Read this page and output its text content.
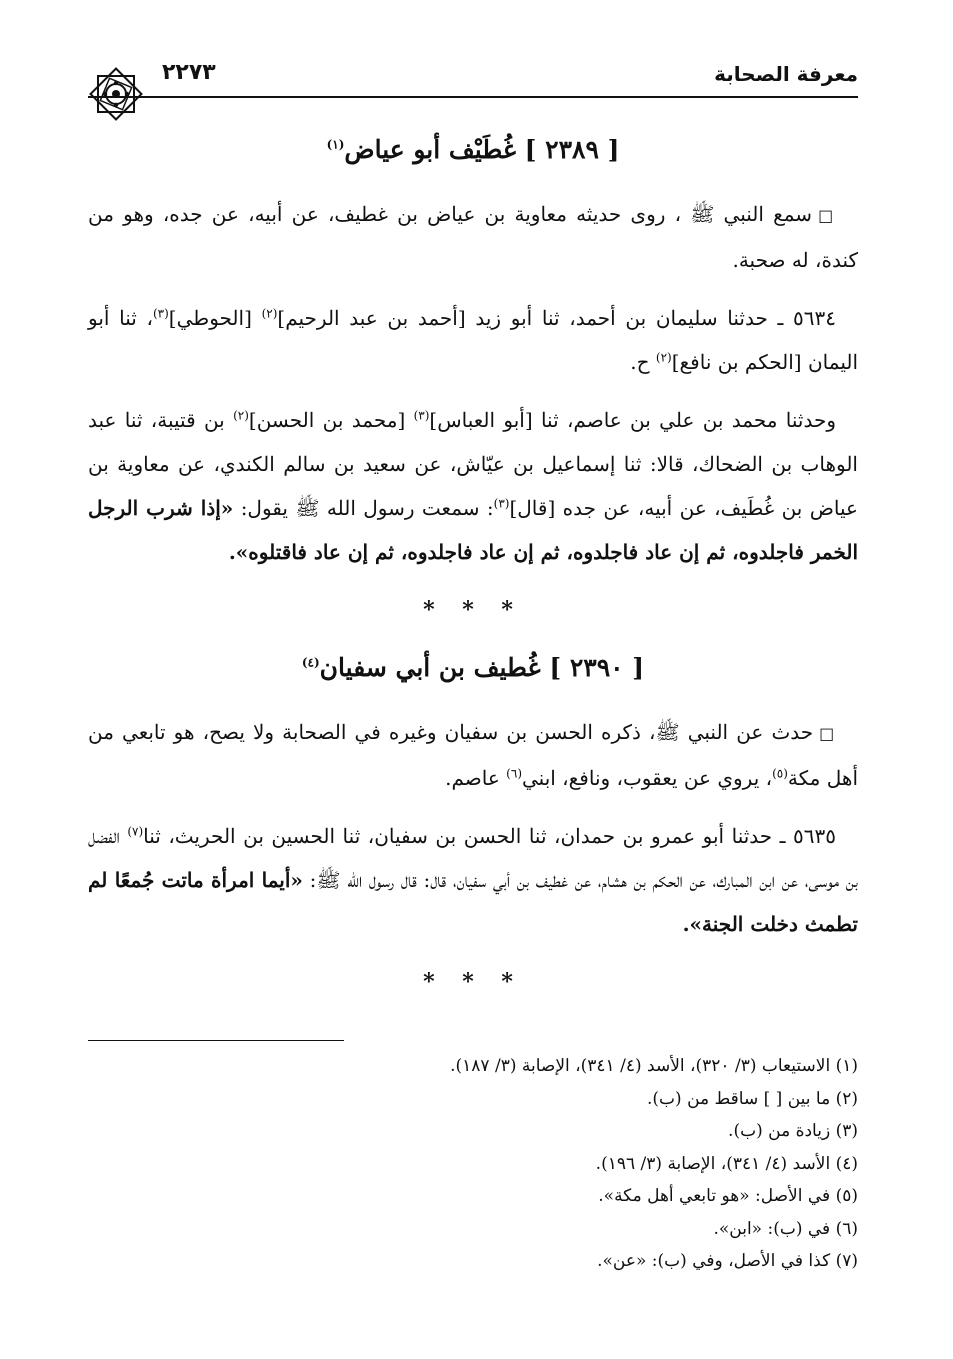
معرفة الصحابة
٢٢٧٣
[ ٢٣٨٩ ] غُطَيْف أبو عياض$^{(١)}$

□سمع النبي ﷺ ، روى حديثه معاوية بن عياض بن غطيف، عن أبيه، عن جده، وهو من كندة، له صحبة.

٥٦٣٤ ـ حدثنا سليمان بن أحمد، ثنا أبو زيد [أحمد بن عبد الرحيم]$^{(٢)}$ [الحوطي]$^{(٣)}$، ثنا أبو اليمان [الحكم بن نافع]$^{(٢)}$ ح.

وحدثنا محمد بن علي بن عاصم، ثنا [أبو العباس]$^{(٣)}$ [محمد بن الحسن]$^{(٢)}$ بن قتيبة، ثنا عبد الوهاب بن الضحاك، قالا: ثنا إسماعيل بن عيّاش، عن سعيد بن سالم الكندي، عن معاوية بن عياض بن غُطَيف، عن أبيه، عن جده [قال]$^{(٣)}$: سمعت رسول الله ﷺ يقول: «إذا شرب الرجل الخمر فاجلدوه، ثم إن عاد فاجلدوه، ثم إن عاد فاجلدوه، ثم إن عاد فاقتلوه».

* * *
[ ٢٣٩٠ ] غُطيف بن أبي سفيان$^{(٤)}$

□حدث عن النبي ﷺ، ذكره الحسن بن سفيان وغيره في الصحابة ولا يصح، هو تابعي من أهل مكة$^{(٥)}$، يروي عن يعقوب، ونافع، ابني$^{(٦)}$ عاصم.

٥٦٣٥ ـ حدثنا أبو عمرو بن حمدان، ثنا الحسن بن سفيان، ثنا الحسين بن الحريث، ثنا$^{(٧)}$ الفضل بن موسى، عن ابن المبارك، عن الحكم بن هشام، عن غطيف بن أبي سفيان، قال: قال رسول الله ﷺ: «أيما امرأة ماتت جُمعًا لم تطمث دخلت الجنة».

* * *
(١) الاستيعاب (٣/ ٣٢٠)، الأسد (٤/ ٣٤١)، الإصابة (٣/ ١٨٧).
(٢) ما بين [ ] ساقط من (ب).
(٣) زيادة من (ب).
(٤) الأسد (٤/ ٣٤١)، الإصابة (٣/ ١٩٦).
(٥) في الأصل: «هو تابعي أهل مكة».
(٦) في (ب): «ابن».
(٧) كذا في الأصل، وفي (ب): «عن».
